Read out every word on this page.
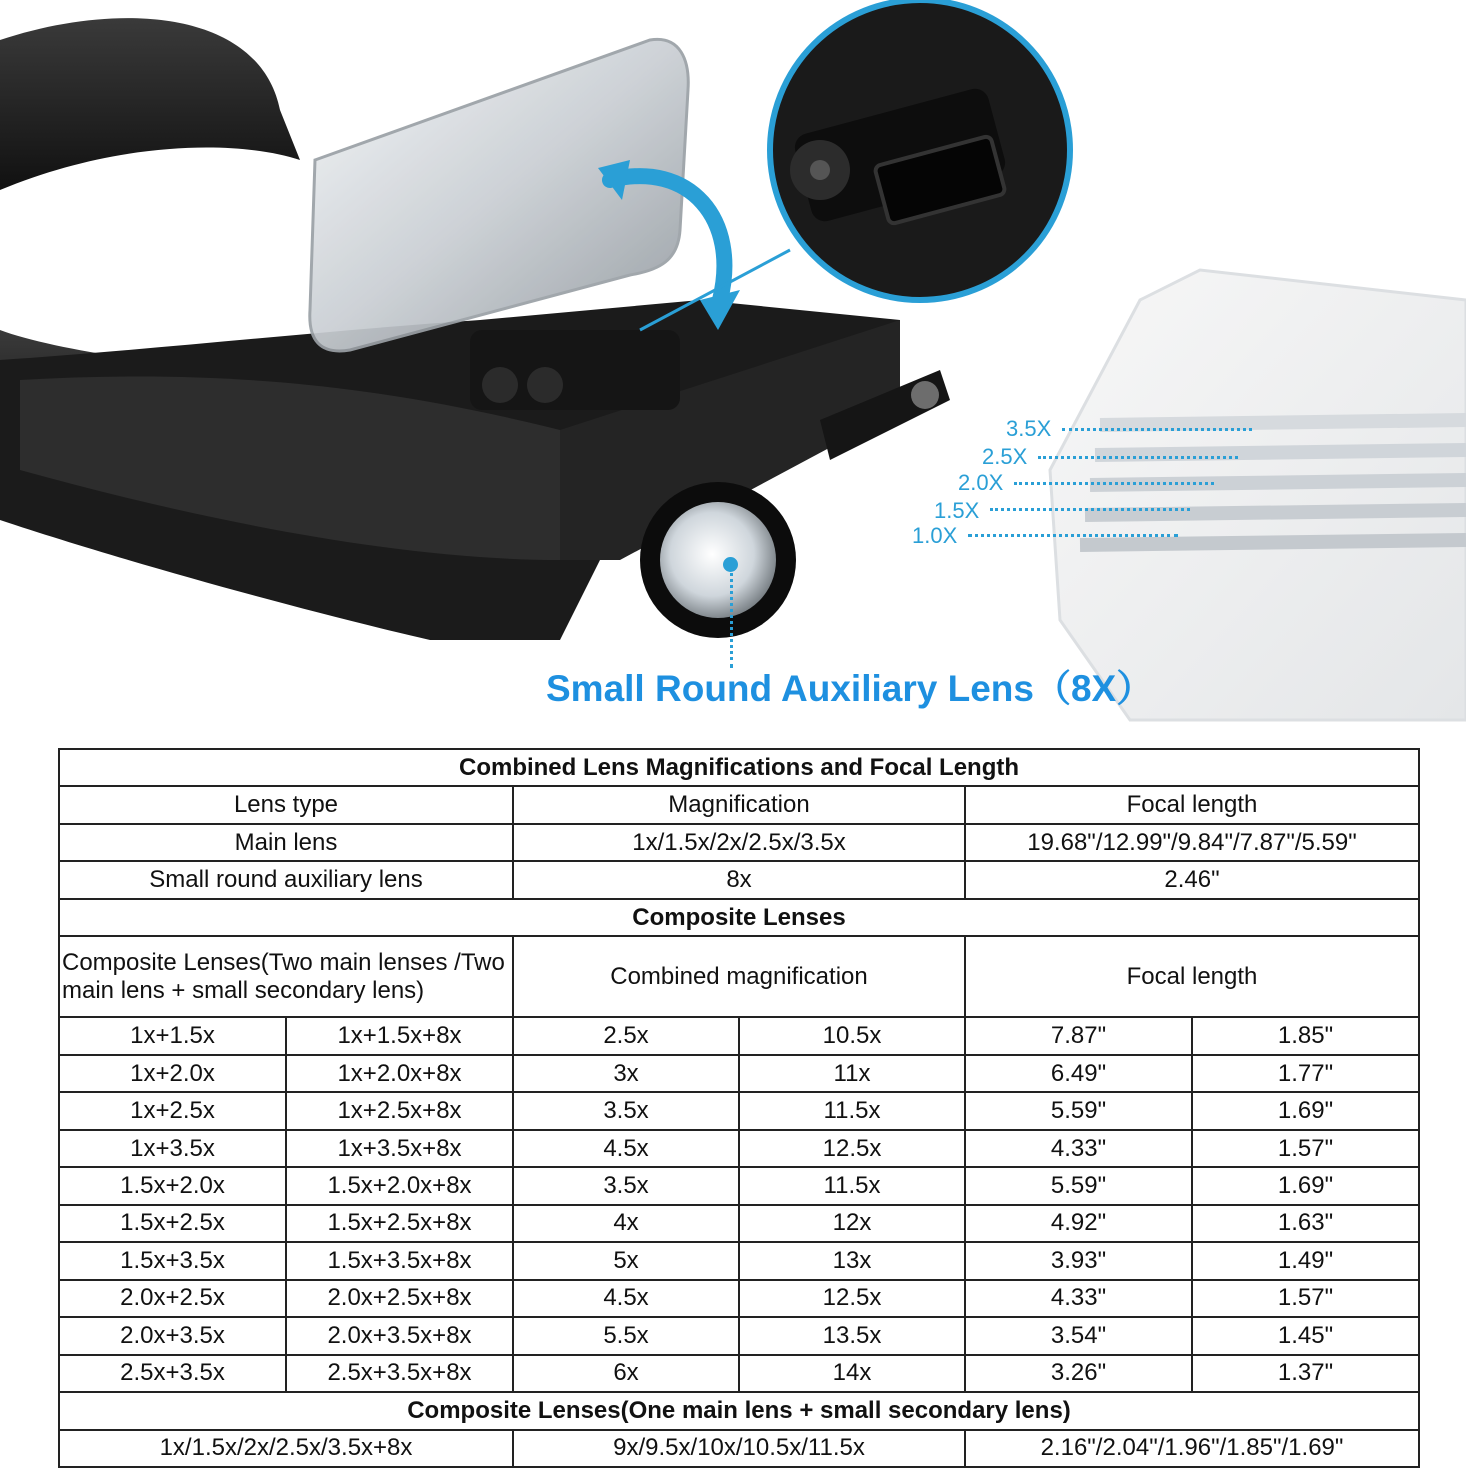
3.5X
2.5X
2.0X
1.5X
1.0X
Small Round Auxiliary Lens（8X）
Combined Lens Magnifications and Focal Length					
Lens type		Magnification		Focal length	
Main lens		1x/1.5x/2x/2.5x/3.5x		19.68"/12.99"/9.84"/7.87"/5.59"	
Small round auxiliary lens		8x		2.46"	
Composite Lenses					
Composite Lenses(Two main lenses /Two main lens + small secondary lens)		Combined magnification		Focal length	
1x+1.5x	1x+1.5x+8x	2.5x	10.5x	7.87"	1.85"
1x+2.0x	1x+2.0x+8x	3x	11x	6.49"	1.77"
1x+2.5x	1x+2.5x+8x	3.5x	11.5x	5.59"	1.69"
1x+3.5x	1x+3.5x+8x	4.5x	12.5x	4.33"	1.57"
1.5x+2.0x	1.5x+2.0x+8x	3.5x	11.5x	5.59"	1.69"
1.5x+2.5x	1.5x+2.5x+8x	4x	12x	4.92"	1.63"
1.5x+3.5x	1.5x+3.5x+8x	5x	13x	3.93"	1.49"
2.0x+2.5x	2.0x+2.5x+8x	4.5x	12.5x	4.33"	1.57"
2.0x+3.5x	2.0x+3.5x+8x	5.5x	13.5x	3.54"	1.45"
2.5x+3.5x	2.5x+3.5x+8x	6x	14x	3.26"	1.37"
Composite Lenses(One main lens + small secondary lens)					
1x/1.5x/2x/2.5x/3.5x+8x		9x/9.5x/10x/10.5x/11.5x		2.16"/2.04"/1.96"/1.85"/1.69"	
